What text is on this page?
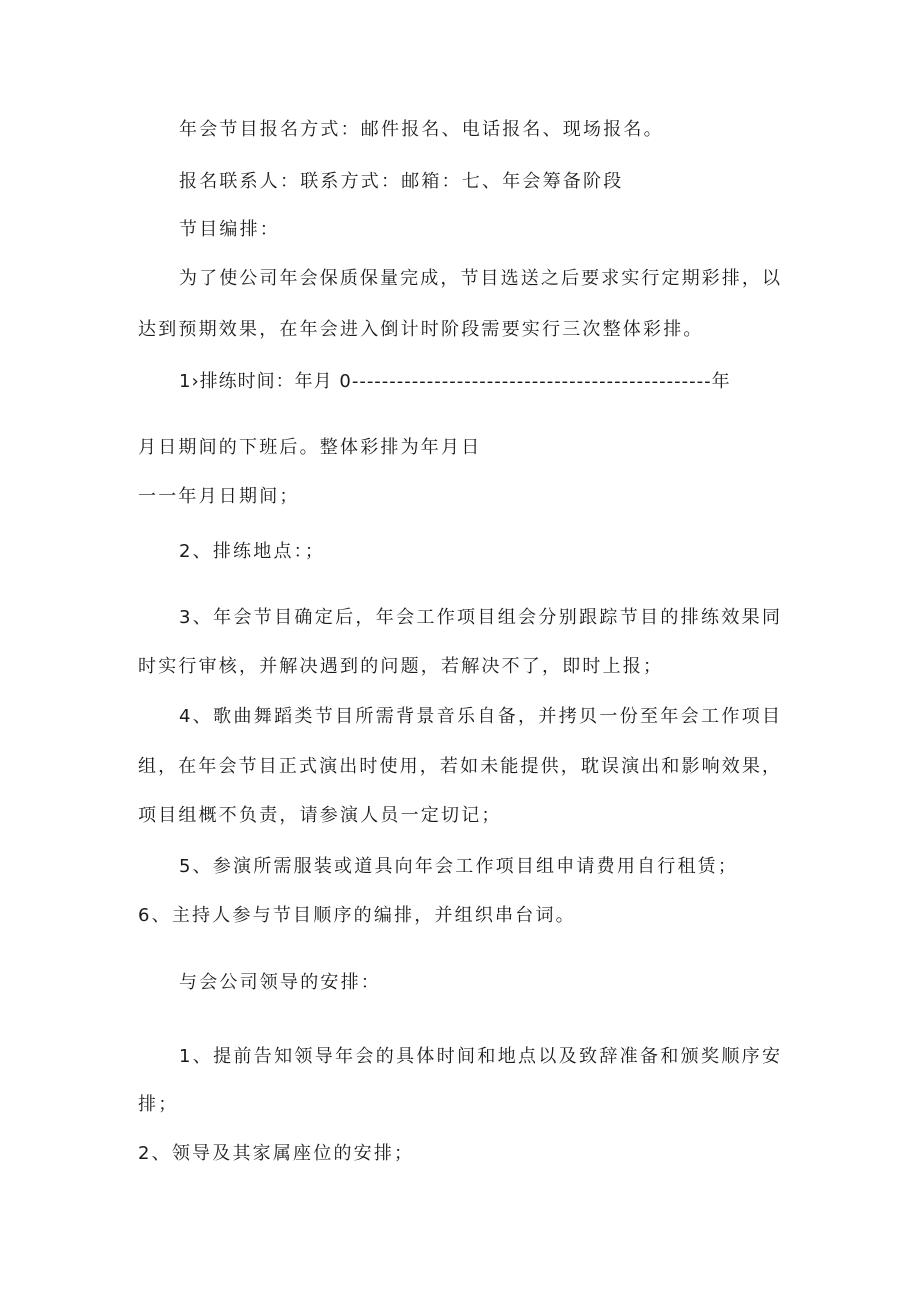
年会节目报名方式：邮件报名、电话报名、现场报名。

报名联系人：联系方式：邮箱：七、年会筹备阶段

节目编排：

为了使公司年会保质保量完成，节目选送之后要求实行定期彩排，以

达到预期效果，在年会进入倒计时阶段需要实行三次整体彩排。

1›排练时间：年月 0------------------------------------------------年

月日期间的下班后。整体彩排为年月日

一一年月日期间；

2、排练地点：；

3、年会节目确定后，年会工作项目组会分别跟踪节目的排练效果同

时实行审核，并解决遇到的问题，若解决不了，即时上报；

4、歌曲舞蹈类节目所需背景音乐自备，并拷贝一份至年会工作项目

组，在年会节目正式演出时使用，若如未能提供，耽误演出和影响效果，

项目组概不负责，请参演人员一定切记；

5、参演所需服装或道具向年会工作项目组申请费用自行租赁；

6、主持人参与节目顺序的编排，并组织串台词。

与会公司领导的安排：

1、提前告知领导年会的具体时间和地点以及致辞准备和颁奖顺序安

排；

2、领导及其家属座位的安排；
